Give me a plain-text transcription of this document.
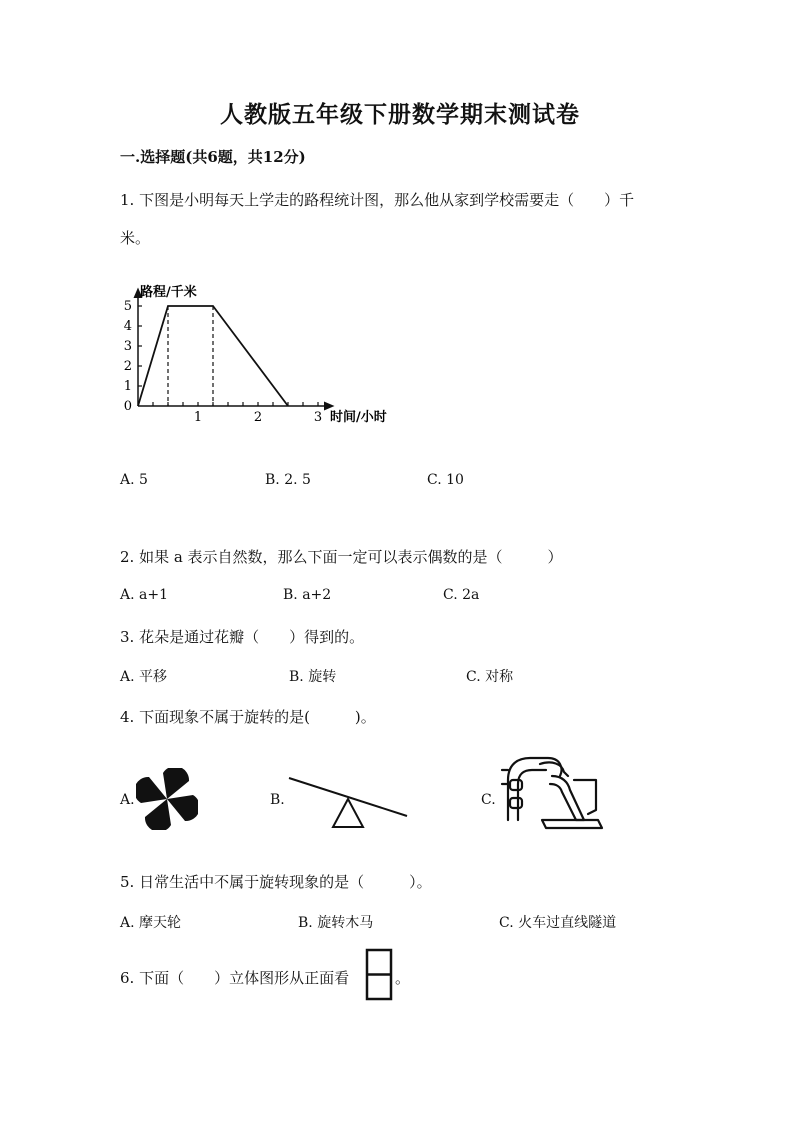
人教版五年级下册数学期末测试卷
一.选择题(共6题，共12分)
1. 下图是小明每天上学走的路程统计图，那么他从家到学校需要走（　　）千
米。
0
1
2
3
4
5
1	2	3
路程/千米
时间/小时
A. 5	B. 2. 5	C. 10
2. 如果 a 表示自然数，那么下面一定可以表示偶数的是（　　　）
A. a+1	B. a+2	C. 2a
3. 花朵是通过花瓣（　　）得到的。
A. 平移	B. 旋转	C. 对称
4. 下面现象不属于旋转的是(　　　)。
A.	B.	C.
5. 日常生活中不属于旋转现象的是（　　　）。
A. 摩天轮	B. 旋转木马	C. 火车过直线隧道
6. 下面（　　）立体图形从正面看	。
